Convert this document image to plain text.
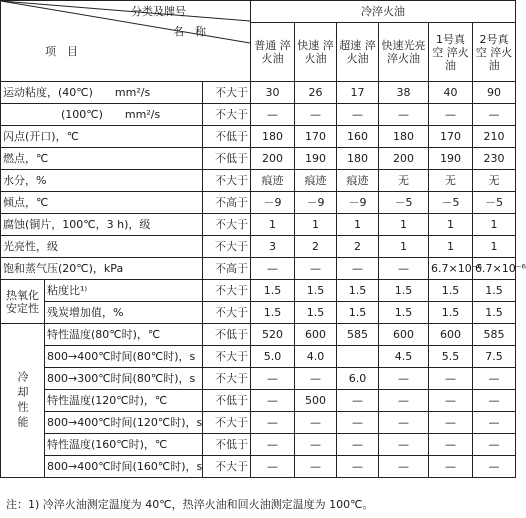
分类及牌号
名　称
项　目			冷淬火油					
			普通 淬火油	快速 淬火油	超速 淬火油	快速光亮 淬火油	1号真空 淬火油	2号真空 淬火油
运动粘度，(40℃)　　mm²/s		不大于	30	26	17	38	40	90
(100℃)　　mm²/s		不大于	—	—	—	—	—	—
闪点(开口)，℃		不低于	180	170	160	180	170	210
燃点，℃		不低于	200	190	180	200	190	230
水分，%		不大于	痕迹	痕迹	痕迹	无	无	无
倾点，℃		不高于	－9	－9	－9	－5	－5	－5
腐蚀(铜片，100℃，3 h)，级		不大于	1	1	1	1	1	1
光亮性，级		不大于	3	2	2	1	1	1
饱和蒸气压(20℃)，kPa		不高于	—	—	—	—	6.7×10⁻⁶	6.7×10⁻⁶
热氧化 安定性	粘度比¹⁾	不大于	1.5	1.5	1.5	1.5	1.5	1.5
	残炭增加值，%	不大于	1.5	1.5	1.5	1.5	1.5	1.5

冷却性能	特性温度(80℃时)，℃	不低于	520	600	585	600	600	585
	800→400℃时间(80℃时)，s	不大于	5.0	4.0		4.5	5.5	7.5
	800→300℃时间(80℃时)，s	不大于	—	—	6.0	—	—	—
	特性温度(120℃时)，℃	不低于	—	500	—	—	—	—
	800→400℃时间(120℃时)，s	不大于	—	—	—	—	—	—
	特性温度(160℃时)，℃	不低于	—	—	—	—	—	—
	800→400℃时间(160℃时)，s	不大于	—	—	—	—	—	—
注：1) 冷淬火油测定温度为 40℃，热淬火油和回火油测定温度为 100℃。
